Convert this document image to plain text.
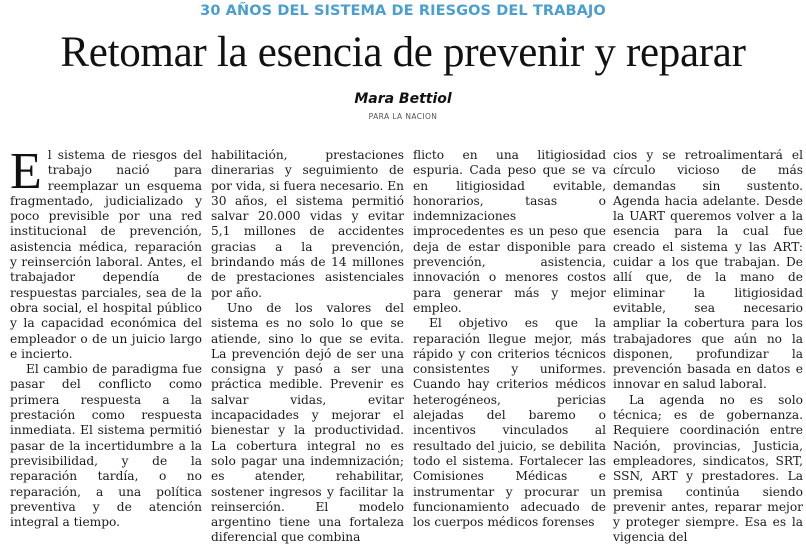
30 AÑOS DEL SISTEMA DE RIESGOS DEL TRABAJO
Retomar la esencia de prevenir y reparar
Mara Bettiol
PARA LA NACION

El sistema de riesgos del trabajo nació para reemplazar un esquema fragmentado, judicializado y poco previsible por una red institucional de prevención, asistencia médica, reparación y reinserción laboral. Antes, el trabajador dependía de respuestas parciales, sea de la obra social, el hospital público y la capacidad económica del empleador o de un juicio largo e incierto.

El cambio de paradigma fue pasar del conflicto como primera respuesta a la prestación como respuesta inmediata. El sistema permitió pasar de la incertidumbre a la previsibilidad, y de la reparación tardía, o no reparación, a una política preventiva y de atención integral a tiempo.

habilitación, prestaciones dinerarias y seguimiento de por vida, si fuera necesario. En 30 años, el sistema permitió salvar 20.000 vidas y evitar 5,1 millones de accidentes gracias a la prevención, brindando más de 14 millones de prestaciones asistenciales por año.

Uno de los valores del sistema es no solo lo que se atiende, sino lo que se evita. La prevención dejó de ser una consigna y pasó a ser una práctica medible. Prevenir es salvar vidas, evitar incapacidades y mejorar el bienestar y la productividad. La cobertura integral no es solo pagar una indemnización; es atender, rehabilitar, sostener ingresos y facilitar la reinserción. El modelo argentino tiene una fortaleza diferencial que combina

flicto en una litigiosidad espuria. Cada peso que se va en litigiosidad evitable, honorarios, tasas o indemnizaciones improcedentes es un peso que deja de estar disponible para prevención, asistencia, innovación o menores costos para generar más y mejor empleo.

El objetivo es que la reparación llegue mejor, más rápido y con criterios técnicos consistentes y uniformes. Cuando hay criterios médicos heterogéneos, pericias alejadas del baremo o incentivos vinculados al resultado del juicio, se debilita todo el sistema. Fortalecer las Comisiones Médicas e instrumentar y procurar un funcionamiento adecuado de los cuerpos médicos forenses

cios y se retroalimentará el círculo vicioso de más demandas sin sustento. Agenda hacia adelante. Desde la UART queremos volver a la esencia para la cual fue creado el sistema y las ART: cuidar a los que trabajan. De allí que, de la mano de eliminar la litigiosidad evitable, sea necesario ampliar la cobertura para los trabajadores que aún no la disponen, profundizar la prevención basada en datos e innovar en salud laboral.

La agenda no es solo técnica; es de gobernanza. Requiere coordinación entre Nación, provincias, Justicia, empleadores, sindicatos, SRT, SSN, ART y prestadores. La premisa continúa siendo prevenir antes, reparar mejor y proteger siempre. Esa es la vigencia del
